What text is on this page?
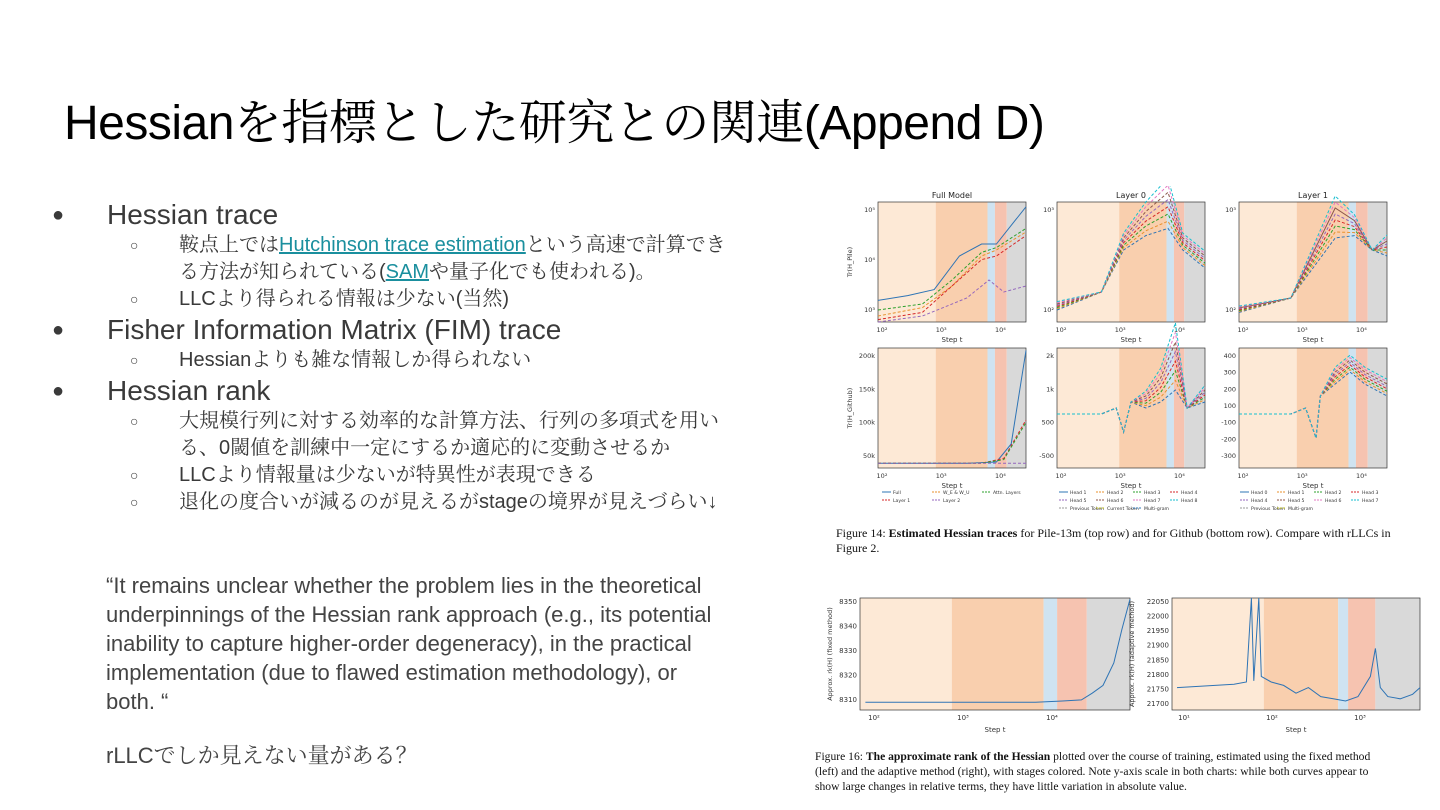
Hessianを指標とした研究との関連(Append D)
● Hessian trace
○ 鞍点上ではHutchinson trace estimationという高速で計算でき
る方法が知られている(SAMや量子化でも使われる)。
○ LLCより得られる情報は少ない(当然)
● Fisher Information Matrix (FIM) trace
○ Hessianよりも雑な情報しか得られない
● Hessian rank
○ 大規模行列に対する効率的な計算方法、行列の多項式を用い
る、0閾値を訓練中一定にするか適応的に変動させるか
○ LLCより情報量は少ないが特異性が表現できる
○ 退化の度合いが減るのが見えるがstageの境界が見えづらい↓
“It remains unclear whether the problem lies in the theoretical
underpinnings of the Hessian rank approach (e.g., its potential
inability to capture higher-order degeneracy), in the practical
implementation (due to flawed estimation methodology), or
both. “
rLLCでしか見えない量がある？
Full Model
10²	10³	10⁴
Step t
10⁵
10⁴
10³
10²	10³	10⁴
Step t
200k
150k
100k
50k
Layer 0
10²	10³	10⁴
Step t
10³
10²
10²	10³	10⁴
Step t
2k
1k
500
-500
Layer 1
10²	10³	10⁴
Step t
10³
10²
10²	10³	10⁴
Step t
400
300
200
100
-100
-200
-300
Tr(H_Pile)
Tr(H_Github)
Full	W_E & W_U	Attn. Layers
Layer 1	Layer 2
Head 1	Head 2	Head 3	Head 4
Head 5	Head 6	Head 7	Head 8
Previous Token Current Token Multi-gram
Head 0	Head 1	Head 2	Head 3
Head 4	Head 5	Head 6	Head 7
Previous Token Multi-gram
Figure 14: Estimated Hessian traces for Pile-13m (top row) and for Github (bottom row). Compare with rLLCs in
Figure 2.
8350
8340
8330
8320
8310
22050
22000
21950
21900
21850
21800
21750
21700
Approx. rk(H) (fixed method)	Approx. rk(H) (adaptive method)
10²	10³	10⁴	10¹	10²	10³
Step t	Step t
Figure 16: The approximate rank of the Hessian plotted over the course of training, estimated using the fixed method
(left) and the adaptive method (right), with stages colored. Note y-axis scale in both charts: while both curves appear to
show large changes in relative terms, they have little variation in absolute value.
